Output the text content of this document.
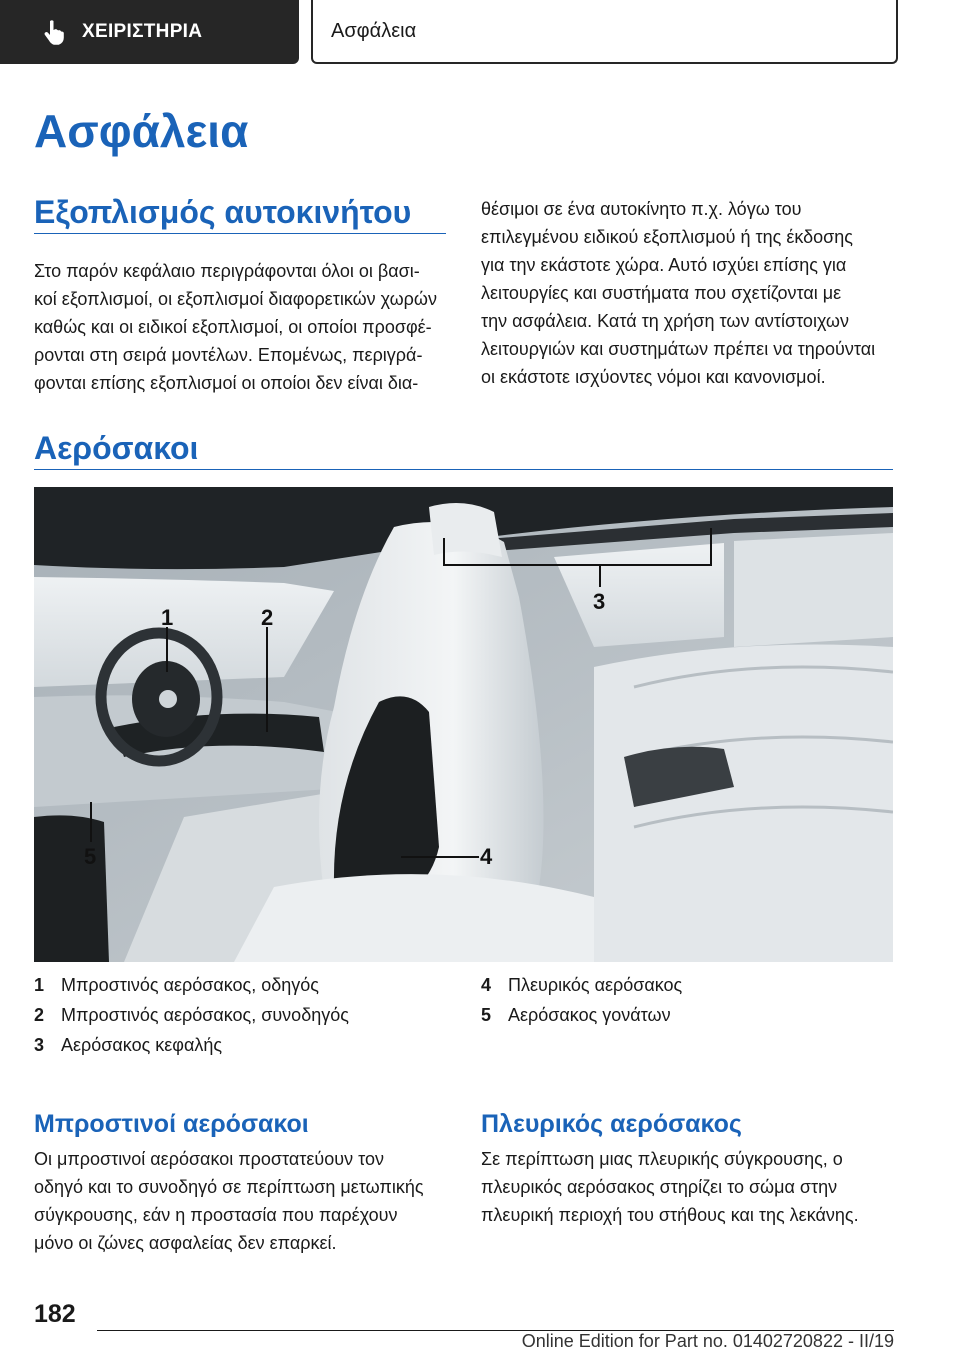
ΧΕΙΡΙΣΤΗΡΙΑ	Ασφάλεια
Ασφάλεια
Εξοπλισμός αυτοκινήτου
Στο παρόν κεφάλαιο περιγράφονται όλοι οι βασι-
κοί εξοπλισμοί, οι εξοπλισμοί διαφορετικών χωρών
καθώς και οι ειδικοί εξοπλισμοί, οι οποίοι προσφέ-
ρονται στη σειρά μοντέλων. Επομένως, περιγρά-
φονται επίσης εξοπλισμοί οι οποίοι δεν είναι δια-
θέσιμοι σε ένα αυτοκίνητο π.χ. λόγω του
επιλεγμένου ειδικού εξοπλισμού ή της έκδοσης
για την εκάστοτε χώρα. Αυτό ισχύει επίσης για
λειτουργίες και συστήματα που σχετίζονται με
την ασφάλεια. Κατά τη χρήση των αντίστοιχων
λειτουργιών και συστημάτων πρέπει να τηρούνται
οι εκάστοτε ισχύοντες νόμοι και κανονισμοί.
Αερόσακοι
1	2
3
4
5
1 Μπροστινός αερόσακος, οδηγός
2 Μπροστινός αερόσακος, συνοδηγός
3 Αερόσακος κεφαλής
4 Πλευρικός αερόσακος
5 Αερόσακος γονάτων
Μπροστινοί αερόσακοι
Οι μπροστινοί αερόσακοι προστατεύουν τον
οδηγό και το συνοδηγό σε περίπτωση μετωπικής
σύγκρουσης, εάν η προστασία που παρέχουν
μόνο οι ζώνες ασφαλείας δεν επαρκεί.
Πλευρικός αερόσακος
Σε περίπτωση μιας πλευρικής σύγκρουσης, ο
πλευρικός αερόσακος στηρίζει το σώμα στην
πλευρική περιοχή του στήθους και της λεκάνης.

182

Online Edition for Part no. 01402720822 - II/19
